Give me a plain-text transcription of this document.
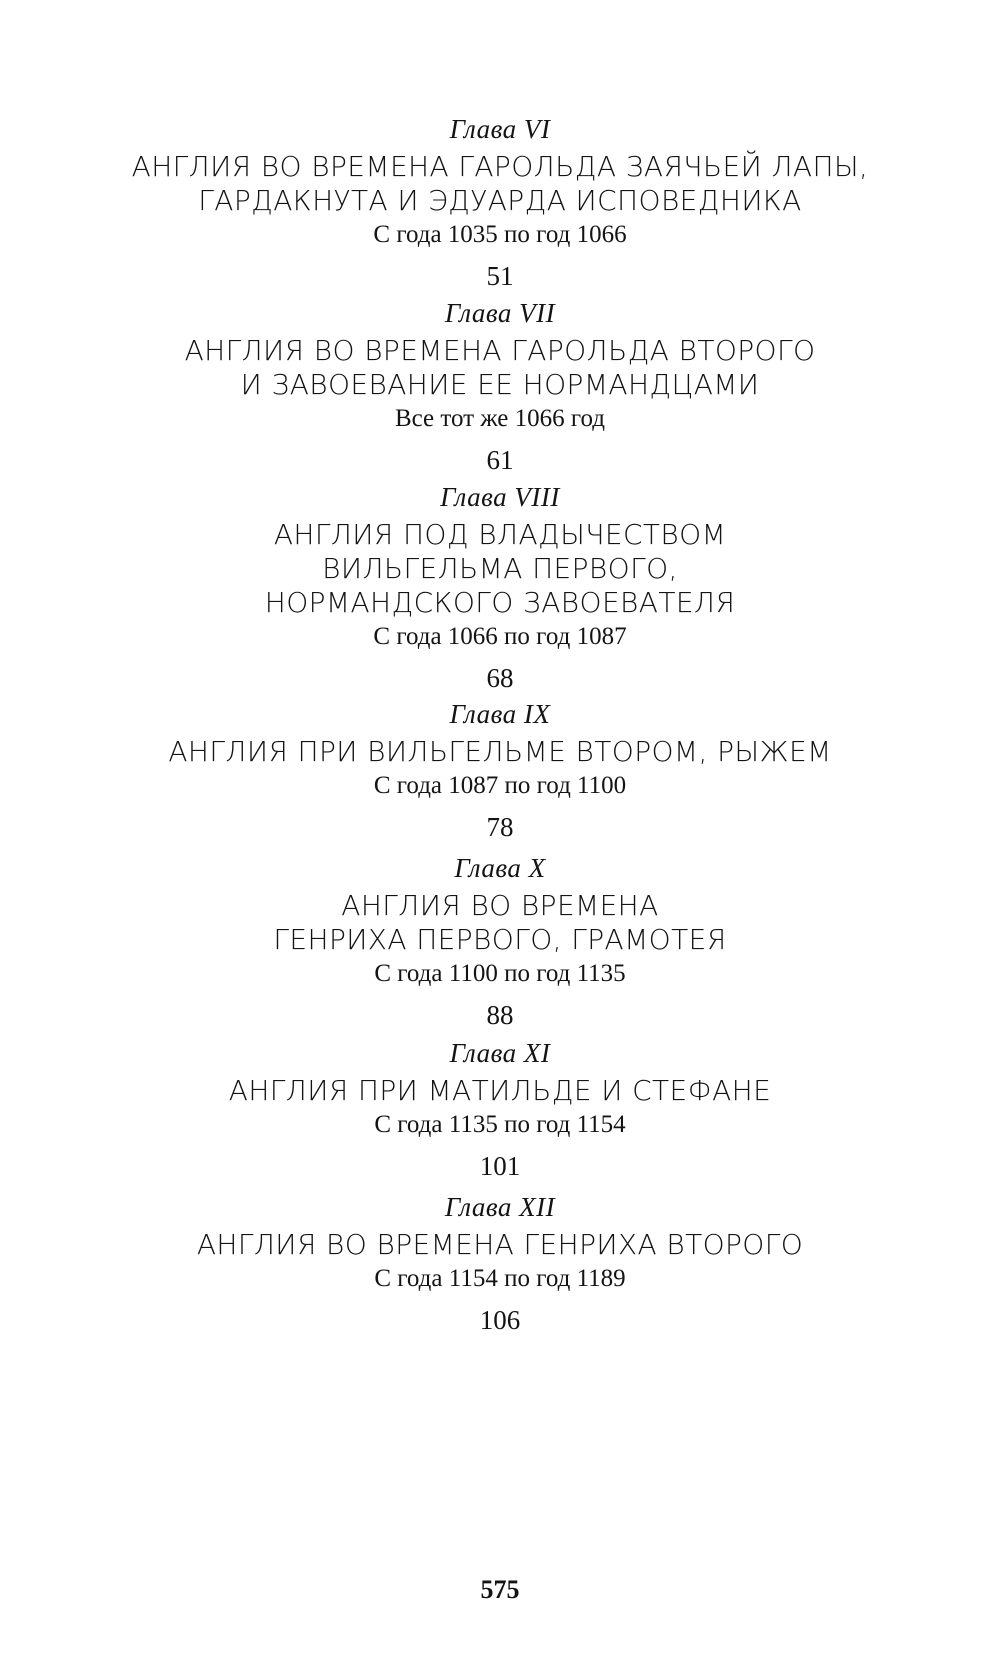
Глава VI
АНГЛИЯ ВО ВРЕМЕНА ГАРОЛЬДА ЗАЯЧЬЕЙ ЛАПЫ,
ГАРДАКНУТА И ЭДУАРДА ИСПОВЕДНИКА
С года 1035 по год 1066
51
Глава VII
АНГЛИЯ ВО ВРЕМЕНА ГАРОЛЬДА ВТОРОГО
И ЗАВОЕВАНИЕ ЕЕ НОРМАНДЦАМИ
Все тот же 1066 год
61
Глава VIII
АНГЛИЯ ПОД ВЛАДЫЧЕСТВОМ
ВИЛЬГЕЛЬМА ПЕРВОГО,
НОРМАНДСКОГО ЗАВОЕВАТЕЛЯ
С года 1066 по год 1087
68
Глава IX
АНГЛИЯ ПРИ ВИЛЬГЕЛЬМЕ ВТОРОМ, РЫЖЕМ
С года 1087 по год 1100
78
Глава X
АНГЛИЯ ВО ВРЕМЕНА
ГЕНРИХА ПЕРВОГО, ГРАМОТЕЯ
С года 1100 по год 1135
88
Глава XI
АНГЛИЯ ПРИ МАТИЛЬДЕ И СТЕФАНЕ
С года 1135 по год 1154
101
Глава XII
АНГЛИЯ ВО ВРЕМЕНА ГЕНРИХА ВТОРОГО
С года 1154 по год 1189
106
575
